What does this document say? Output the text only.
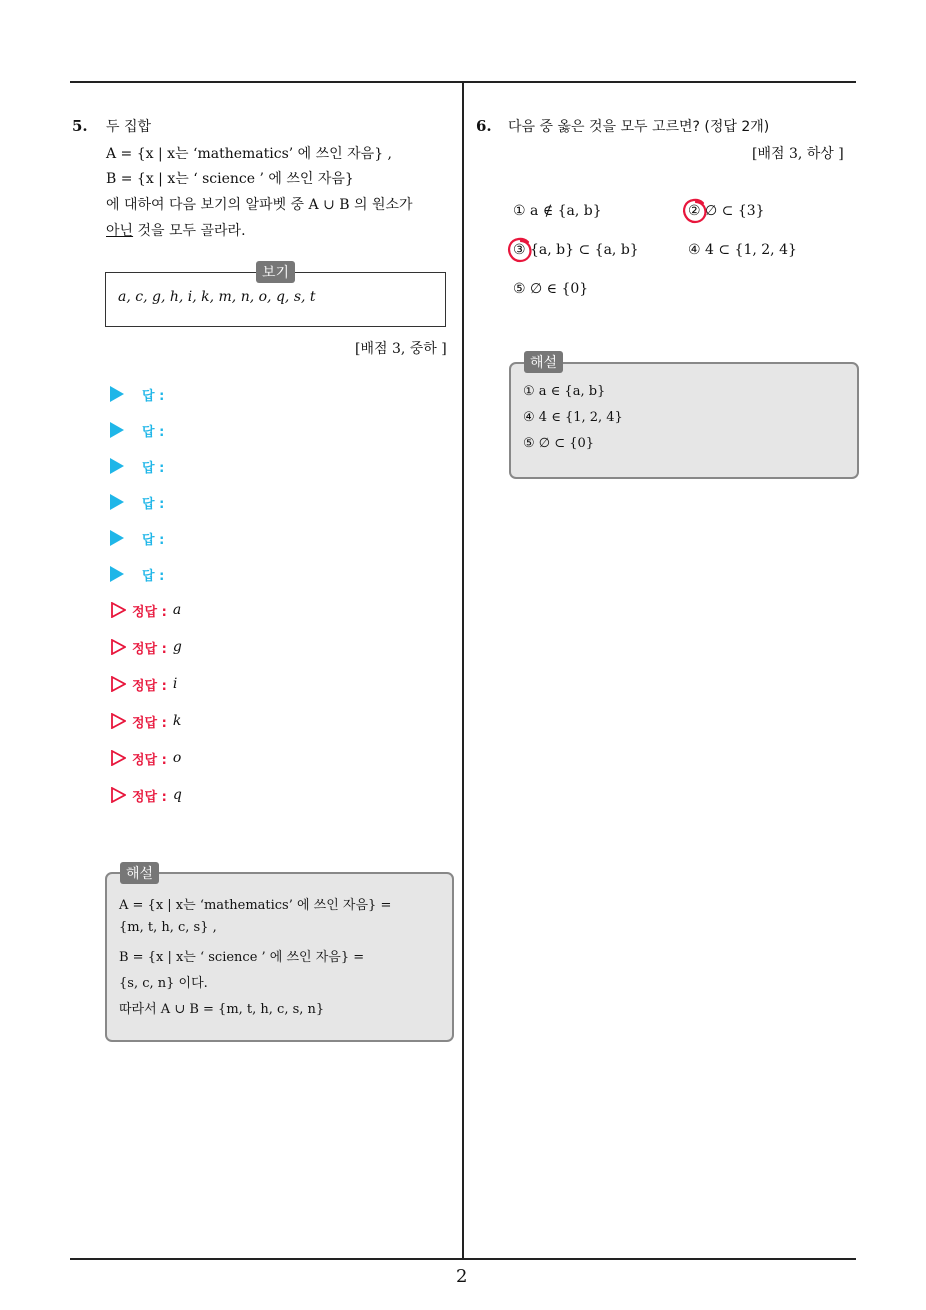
2
5. 두 집합
A = {x | x는 ‘mathematics’ 에 쓰인 자음} ,
B = {x | x는 ‘ science ’ 에 쓰인 자음}
에 대하여 다음 보기의 알파벳 중 A ∪ B 의 원소가
아닌 것을 모두 골라라.
a, c, g, h, i, k, m, n, o, q, s, t
보기
[배점 3, 중하 ]
답 :
답 :
답 :
답 :
답 :
답 :
정답 : a
정답 : g
정답 : i
정답 : k
정답 : o
정답 : q
A = {x | x는 ‘mathematics’ 에 쓰인 자음} =
{m, t, h, c, s} ,
B = {x | x는 ‘ science ’ 에 쓰인 자음} =
{s, c, n} 이다.
따라서 A ∪ B = {m, t, h, c, s, n}
해설
6. 다음 중 옳은 것을 모두 고르면? (정답 2개)
[배점 3, 하상 ]
① a ∉ {a, b}	② ∅ ⊂ {3}
③ {a, b} ⊂ {a, b}	④ 4 ⊂ {1, 2, 4}
⑤ ∅ ∈ {0}
① a ∈ {a, b}
④ 4 ∈ {1, 2, 4}
⑤ ∅ ⊂ {0}
해설
